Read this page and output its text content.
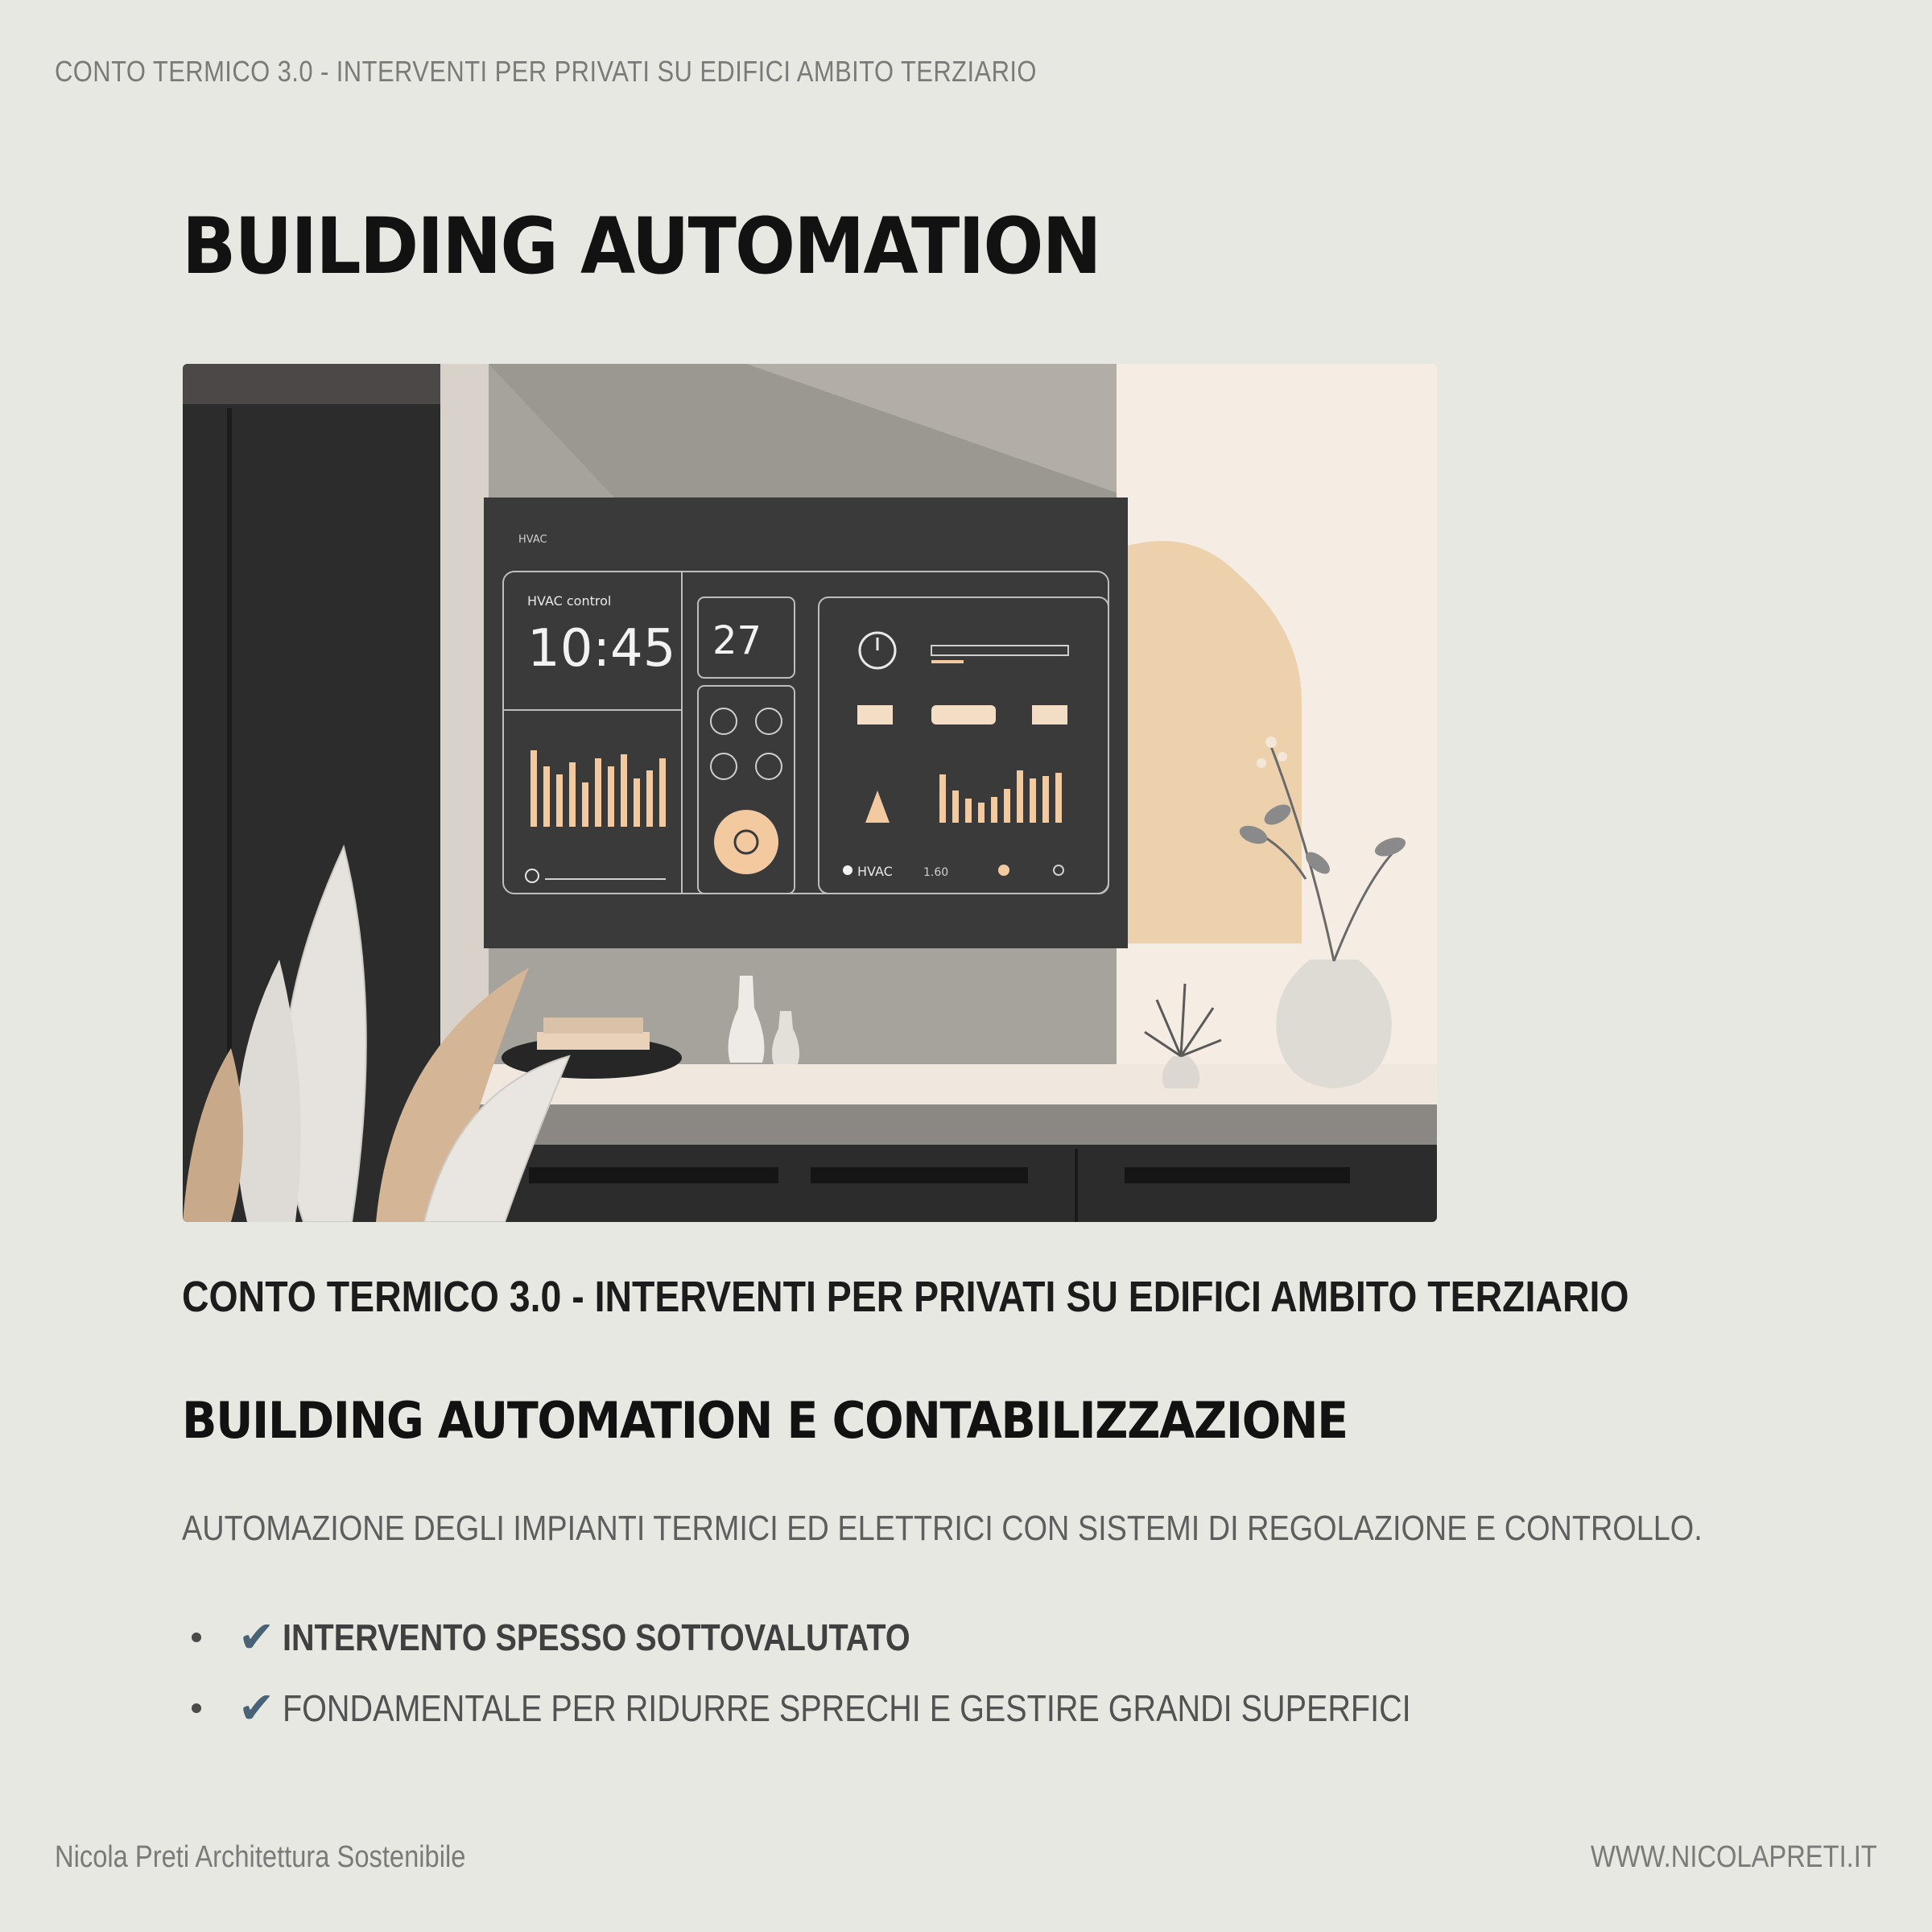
CONTO TERMICO 3.0 - INTERVENTI PER PRIVATI SU EDIFICI AMBITO TERZIARIO
BUILDING AUTOMATION
HVAC
HVAC control
10:45 27
HVAC	1.60
CONTO TERMICO 3.0 - INTERVENTI PER PRIVATI SU EDIFICI AMBITO TERZIARIO
BUILDING AUTOMATION E CONTABILIZZAZIONE
AUTOMAZIONE DEGLI IMPIANTI TERMICI ED ELETTRICI CON SISTEMI DI REGOLAZIONE E CONTROLLO.
✔ INTERVENTO SPESSO SOTTOVALUTATO
✔ FONDAMENTALE PER RIDURRE SPRECHI E GESTIRE GRANDI SUPERFICI
Nicola Preti Architettura Sostenibile	WWW.NICOLAPRETI.IT
